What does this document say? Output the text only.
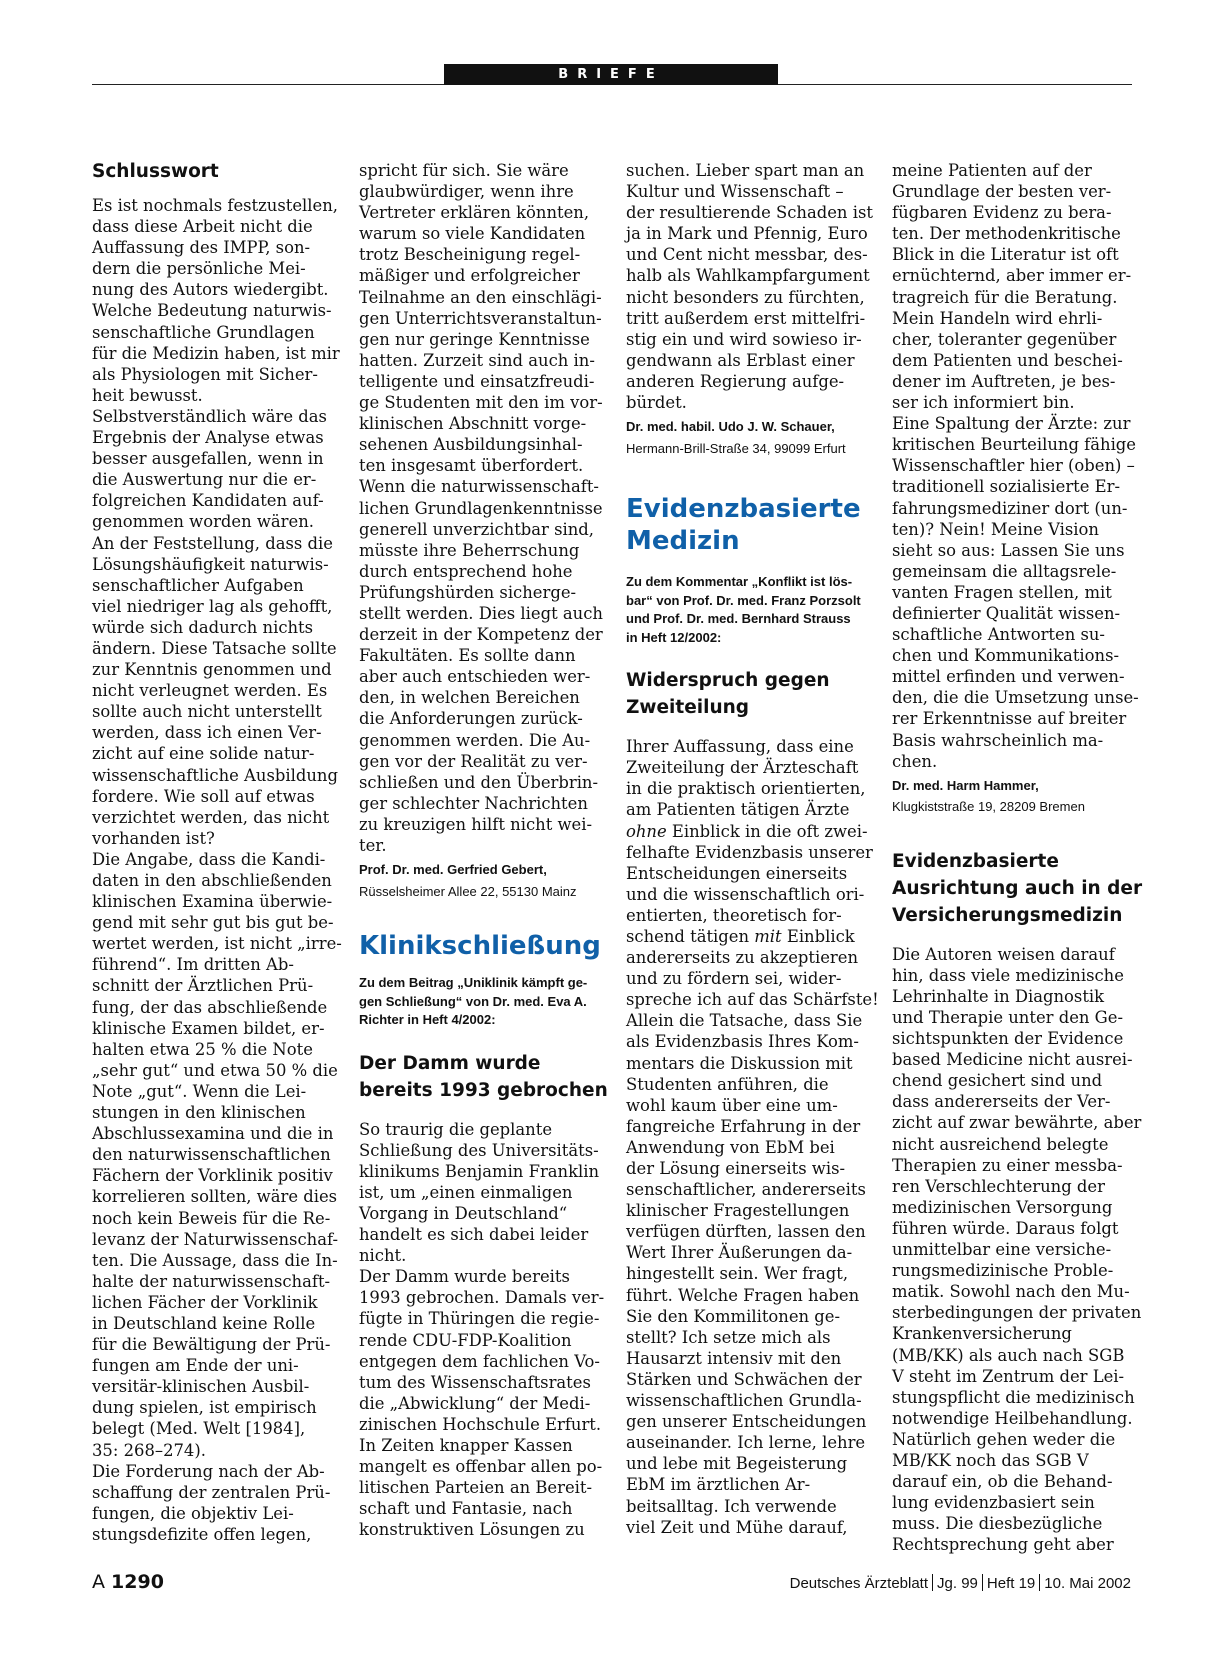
BRIEFE
Schlusswort
Es ist nochmals festzustellen,
dass diese Arbeit nicht die
Auffassung des IMPP, son-
dern die persönliche Mei-
nung des Autors wiedergibt.
Welche Bedeutung naturwis-
senschaftliche Grundlagen
für die Medizin haben, ist mir
als Physiologen mit Sicher-
heit bewusst.
Selbstverständlich wäre das
Ergebnis der Analyse etwas
besser ausgefallen, wenn in
die Auswertung nur die er-
folgreichen Kandidaten auf-
genommen worden wären.
An der Feststellung, dass die
Lösungshäufigkeit naturwis-
senschaftlicher Aufgaben
viel niedriger lag als gehofft,
würde sich dadurch nichts
ändern. Diese Tatsache sollte
zur Kenntnis genommen und
nicht verleugnet werden. Es
sollte auch nicht unterstellt
werden, dass ich einen Ver-
zicht auf eine solide natur-
wissenschaftliche Ausbildung
fordere. Wie soll auf etwas
verzichtet werden, das nicht
vorhanden ist?
Die Angabe, dass die Kandi-
daten in den abschließenden
klinischen Examina überwie-
gend mit sehr gut bis gut be-
wertet werden, ist nicht „irre-
führend“. Im dritten Ab-
schnitt der Ärztlichen Prü-
fung, der das abschließende
klinische Examen bildet, er-
halten etwa 25 % die Note
„sehr gut“ und etwa 50 % die
Note „gut“. Wenn die Lei-
stungen in den klinischen
Abschlussexamina und die in
den naturwissenschaftlichen
Fächern der Vorklinik positiv
korrelieren sollten, wäre dies
noch kein Beweis für die Re-
levanz der Naturwissenschaf-
ten. Die Aussage, dass die In-
halte der naturwissenschaft-
lichen Fächer der Vorklinik
in Deutschland keine Rolle
für die Bewältigung der Prü-
fungen am Ende der uni-
versitär-klinischen Ausbil-
dung spielen, ist empirisch
belegt (Med. Welt [1984],
35: 268–274).
Die Forderung nach der Ab-
schaffung der zentralen Prü-
fungen, die objektiv Lei-
stungsdefizite offen legen,
spricht für sich. Sie wäre
glaubwürdiger, wenn ihre
Vertreter erklären könnten,
warum so viele Kandidaten
trotz Bescheinigung regel-
mäßiger und erfolgreicher
Teilnahme an den einschlägi-
gen Unterrichtsveranstaltun-
gen nur geringe Kenntnisse
hatten. Zurzeit sind auch in-
telligente und einsatzfreudi-
ge Studenten mit den im vor-
klinischen Abschnitt vorge-
sehenen Ausbildungsinhal-
ten insgesamt überfordert.
Wenn die naturwissenschaft-
lichen Grundlagenkenntnisse
generell unverzichtbar sind,
müsste ihre Beherrschung
durch entsprechend hohe
Prüfungshürden sicherge-
stellt werden. Dies liegt auch
derzeit in der Kompetenz der
Fakultäten. Es sollte dann
aber auch entschieden wer-
den, in welchen Bereichen
die Anforderungen zurück-
genommen werden. Die Au-
gen vor der Realität zu ver-
schließen und den Überbrin-
ger schlechter Nachrichten
zu kreuzigen hilft nicht wei-
ter.
Prof. Dr. med. Gerfried Gebert,
Rüsselsheimer Allee 22, 55130 Mainz
Klinikschließung
Zu dem Beitrag „Uniklinik kämpft ge-
gen Schließung“ von Dr. med. Eva A.
Richter in Heft 4/2002:
Der Damm wurde
bereits 1993 gebrochen
So traurig die geplante
Schließung des Universitäts-
klinikums Benjamin Franklin
ist, um „einen einmaligen
Vorgang in Deutschland“
handelt es sich dabei leider
nicht.
Der Damm wurde bereits
1993 gebrochen. Damals ver-
fügte in Thüringen die regie-
rende CDU-FDP-Koalition
entgegen dem fachlichen Vo-
tum des Wissenschaftsrates
die „Abwicklung“ der Medi-
zinischen Hochschule Erfurt.
In Zeiten knapper Kassen
mangelt es offenbar allen po-
litischen Parteien an Bereit-
schaft und Fantasie, nach
konstruktiven Lösungen zu
suchen. Lieber spart man an
Kultur und Wissenschaft –
der resultierende Schaden ist
ja in Mark und Pfennig, Euro
und Cent nicht messbar, des-
halb als Wahlkampfargument
nicht besonders zu fürchten,
tritt außerdem erst mittelfri-
stig ein und wird sowieso ir-
gendwann als Erblast einer
anderen Regierung aufge-
bürdet.
Dr. med. habil. Udo J. W. Schauer,
Hermann-Brill-Straße 34, 99099 Erfurt
Evidenzbasierte
Medizin
Zu dem Kommentar „Konflikt ist lös-
bar“ von Prof. Dr. med. Franz Porzsolt
und Prof. Dr. med. Bernhard Strauss
in Heft 12/2002:
Widerspruch gegen
Zweiteilung
Ihrer Auffassung, dass eine
Zweiteilung der Ärzteschaft
in die praktisch orientierten,
am Patienten tätigen Ärzte
ohne Einblick in die oft zwei-
felhafte Evidenzbasis unserer
Entscheidungen einerseits
und die wissenschaftlich ori-
entierten, theoretisch for-
schend tätigen mit Einblick
andererseits zu akzeptieren
und zu fördern sei, wider-
spreche ich auf das Schärfste!
Allein die Tatsache, dass Sie
als Evidenzbasis Ihres Kom-
mentars die Diskussion mit
Studenten anführen, die
wohl kaum über eine um-
fangreiche Erfahrung in der
Anwendung von EbM bei
der Lösung einerseits wis-
senschaftlicher, andererseits
klinischer Fragestellungen
verfügen dürften, lassen den
Wert Ihrer Äußerungen da-
hingestellt sein. Wer fragt,
führt. Welche Fragen haben
Sie den Kommilitonen ge-
stellt? Ich setze mich als
Hausarzt intensiv mit den
Stärken und Schwächen der
wissenschaftlichen Grundla-
gen unserer Entscheidungen
auseinander. Ich lerne, lehre
und lebe mit Begeisterung
EbM im ärztlichen Ar-
beitsalltag. Ich verwende
viel Zeit und Mühe darauf,
meine Patienten auf der
Grundlage der besten ver-
fügbaren Evidenz zu bera-
ten. Der methodenkritische
Blick in die Literatur ist oft
ernüchternd, aber immer er-
tragreich für die Beratung.
Mein Handeln wird ehrli-
cher, toleranter gegenüber
dem Patienten und beschei-
dener im Auftreten, je bes-
ser ich informiert bin.
Eine Spaltung der Ärzte: zur
kritischen Beurteilung fähige
Wissenschaftler hier (oben) –
traditionell sozialisierte Er-
fahrungsmediziner dort (un-
ten)? Nein! Meine Vision
sieht so aus: Lassen Sie uns
gemeinsam die alltagsrele-
vanten Fragen stellen, mit
definierter Qualität wissen-
schaftliche Antworten su-
chen und Kommunikations-
mittel erfinden und verwen-
den, die die Umsetzung unse-
rer Erkenntnisse auf breiter
Basis wahrscheinlich ma-
chen.
Dr. med. Harm Hammer,
Klugkiststraße 19, 28209 Bremen
Evidenzbasierte
Ausrichtung auch in der
Versicherungsmedizin
Die Autoren weisen darauf
hin, dass viele medizinische
Lehrinhalte in Diagnostik
und Therapie unter den Ge-
sichtspunkten der Evidence
based Medicine nicht ausrei-
chend gesichert sind und
dass andererseits der Ver-
zicht auf zwar bewährte, aber
nicht ausreichend belegte
Therapien zu einer messba-
ren Verschlechterung der
medizinischen Versorgung
führen würde. Daraus folgt
unmittelbar eine versiche-
rungsmedizinische Proble-
matik. Sowohl nach den Mu-
sterbedingungen der privaten
Krankenversicherung
(MB/KK) als auch nach SGB
V steht im Zentrum der Lei-
stungspflicht die medizinisch
notwendige Heilbehandlung.
Natürlich gehen weder die
MB/KK noch das SGB V
darauf ein, ob die Behand-
lung evidenzbasiert sein
muss. Die diesbezügliche
Rechtsprechung geht aber
A 1290	Deutsches Ärzteblatt Jg. 99 Heft 19 10. Mai 2002
